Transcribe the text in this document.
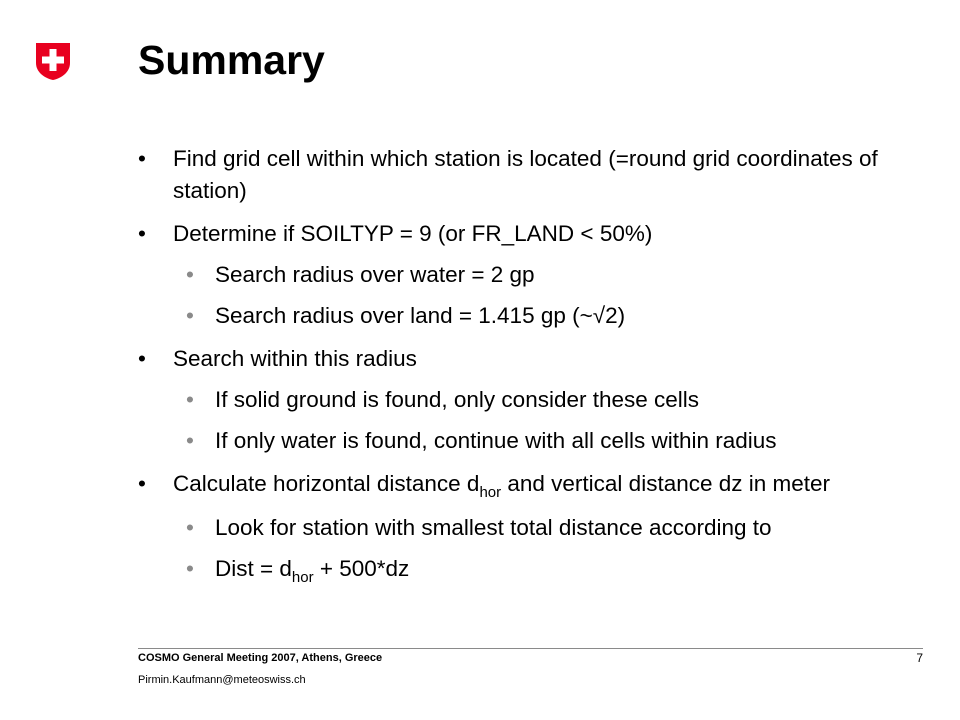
Summary
• Find grid cell within which station is located (=round grid coordinates of station)
• Determine if SOILTYP = 9 (or FR_LAND < 50%)
• Search radius over water = 2 gp
• Search radius over land = 1.415 gp (~√2)
• Search within this radius
• If solid ground is found, only consider these cells
• If only water is found, continue with all cells within radius
• Calculate horizontal distance $d_{hor}$ and vertical distance dz in meter
• Look for station with smallest total distance according to
• Dist = $d_{hor} + 500*dz$
COSMO General Meeting 2007, Athens, Greece
Pirmin.Kaufmann@meteoswiss.ch
7
